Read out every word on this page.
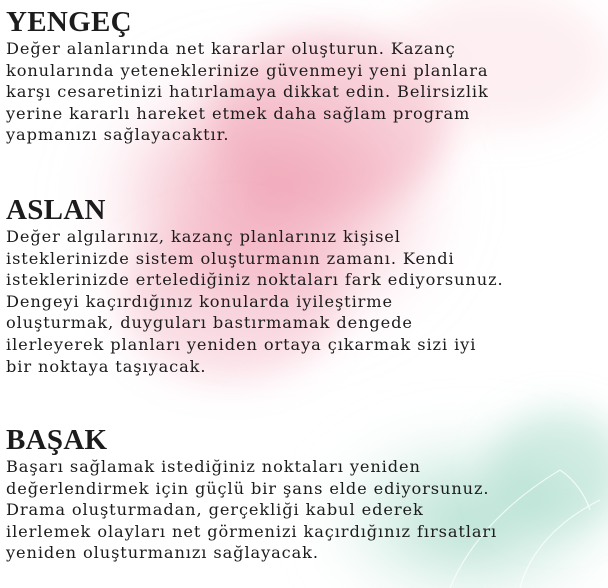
YENGEÇ

Değer alanlarında net kararlar oluşturun. Kazanç
konularında yeteneklerinize güvenmeyi yeni planlara
karşı cesaretinizi hatırlamaya dikkat edin. Belirsizlik
yerine kararlı hareket etmek daha sağlam program
yapmanızı sağlayacaktır.

ASLAN

Değer algılarınız, kazanç planlarınız kişisel
isteklerinizde sistem oluşturmanın zamanı. Kendi
isteklerinizde ertelediğiniz noktaları fark ediyorsunuz.
Dengeyi kaçırdığınız konularda iyileştirme
oluşturmak, duyguları bastırmamak dengede
ilerleyerek planları yeniden ortaya çıkarmak sizi iyi
bir noktaya taşıyacak.

BAŞAK

Başarı sağlamak istediğiniz noktaları yeniden
değerlendirmek için güçlü bir şans elde ediyorsunuz.
Drama oluşturmadan, gerçekliği kabul ederek
ilerlemek olayları net görmenizi kaçırdığınız fırsatları
yeniden oluşturmanızı sağlayacak.
